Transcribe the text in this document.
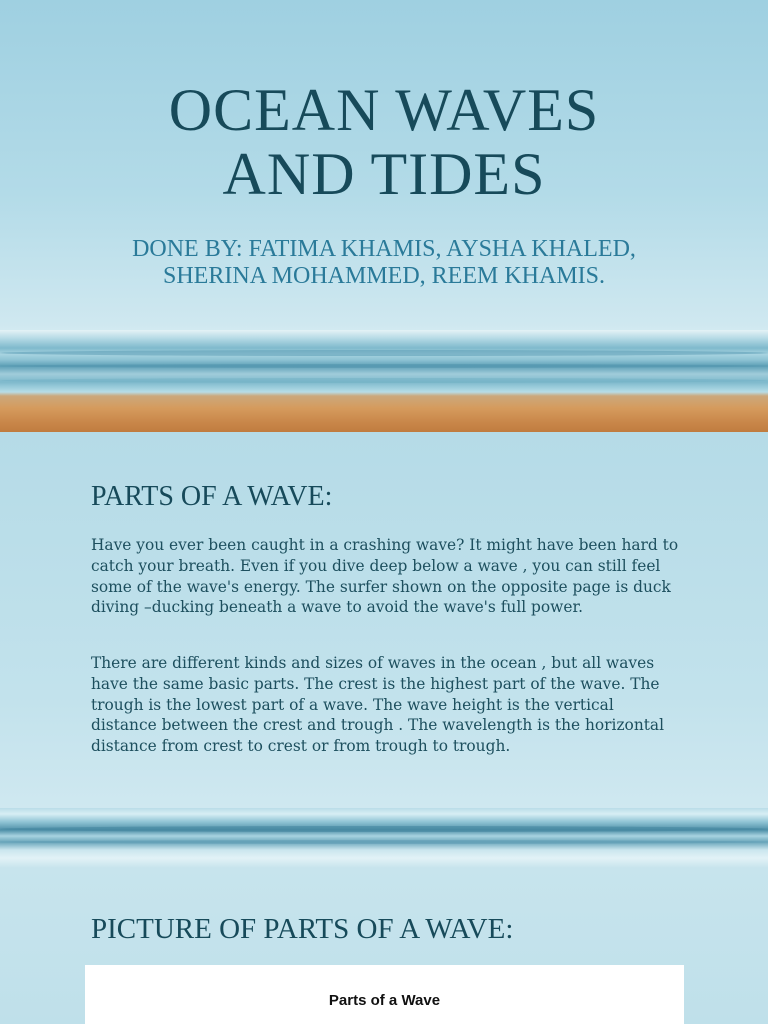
OCEAN WAVES
AND TIDES
DONE BY: FATIMA KHAMIS, AYSHA KHALED,
SHERINA MOHAMMED, REEM KHAMIS.
PARTS OF A WAVE:

Have you ever been caught in a crashing wave? It might have been hard to catch your breath. Even if you dive deep below a wave , you can still feel some of the wave's energy. The surfer shown on the opposite page is duck diving –ducking beneath a wave to avoid the wave's full power.

There are different kinds and sizes of waves in the ocean , but all waves have the same basic parts. The crest is the highest part of the wave. The trough is the lowest part of a wave. The wave height is the vertical distance between the crest and trough . The wavelength is the horizontal distance from crest to crest or from trough to trough.

PICTURE OF PARTS OF A WAVE:
Parts of a Wave
